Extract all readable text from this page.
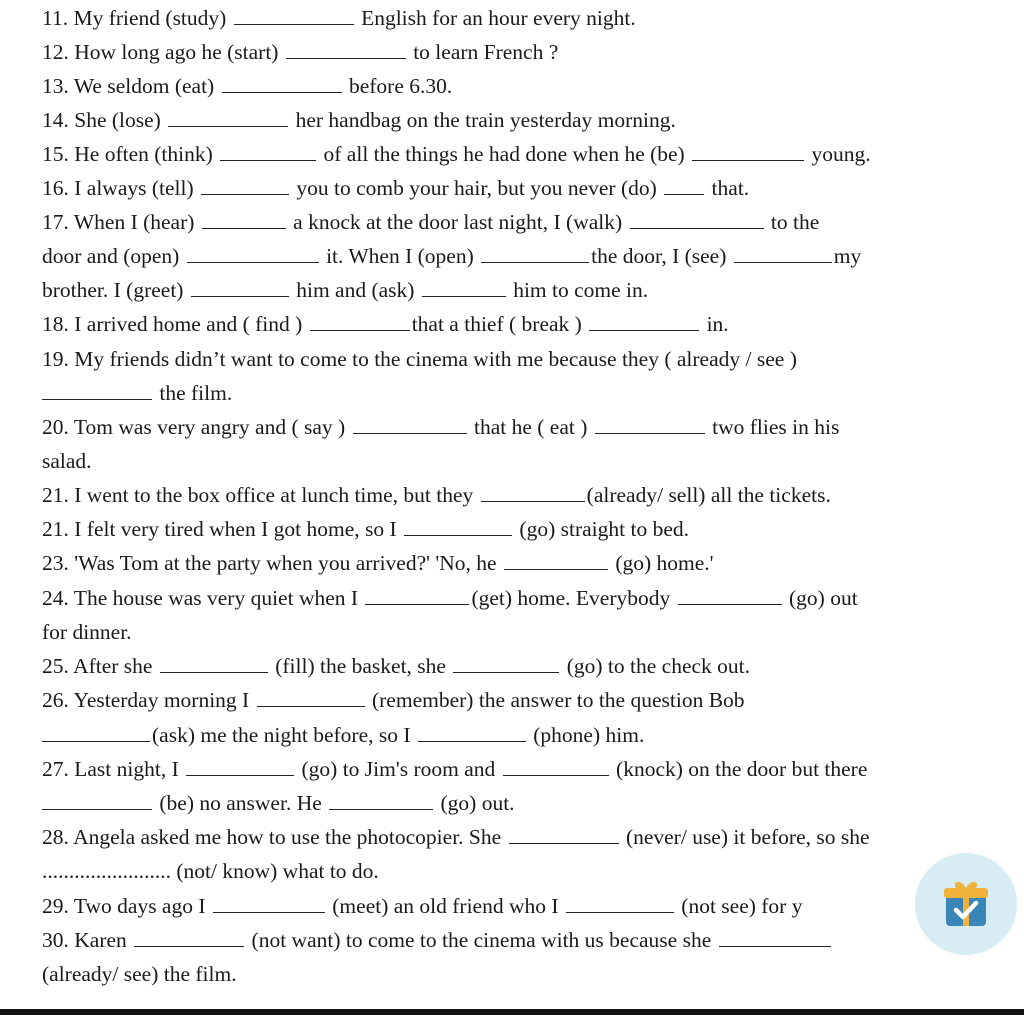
11. My friend (study)	English for an hour every night.
12. How long ago he (start)	to learn French ?
13. We seldom (eat)	before 6.30.
14. She (lose)	her handbag on the train yesterday morning.
15. He often (think)	of all the things he had done when he (be)	young.
16. I always (tell)	you to comb your hair, but you never (do)  that.
17. When I (hear)	a knock at the door last night, I (walk)	to the
door and (open)	it. When I (open)	the door, I (see)	my
brother. I (greet)	him and (ask)	him to come in.
18. I arrived home and ( find )	that a thief ( break )	in.
19. My friends didn’t want to come to the cinema with me because they ( already / see )
the film.
20. Tom was very angry and ( say )	that he ( eat )	two flies in his
salad.
21. I went to the box office at lunch time, but they	(already/ sell) all the tickets.
21. I felt very tired when I got home, so I	(go) straight to bed.
23. 'Was Tom at the party when you arrived?' 'No, he	(go) home.'
24. The house was very quiet when I	(get) home. Everybody	(go) out
for dinner.
25. After she	(fill) the basket, she	(go) to the check out.
26. Yesterday morning I	(remember) the answer to the question Bob
(ask) me the night before, so I	(phone) him.
27. Last night, I	(go) to Jim's room and	(knock) on the door but there
(be) no answer. He	(go) out.
28. Angela asked me how to use the photocopier. She	(never/ use) it before, so she
........................ (not/ know) what to do.
29. Two days ago I	(meet) an old friend who I	(not see) for y
30. Karen	(not want) to come to the cinema with us because she
(already/ see) the film.
